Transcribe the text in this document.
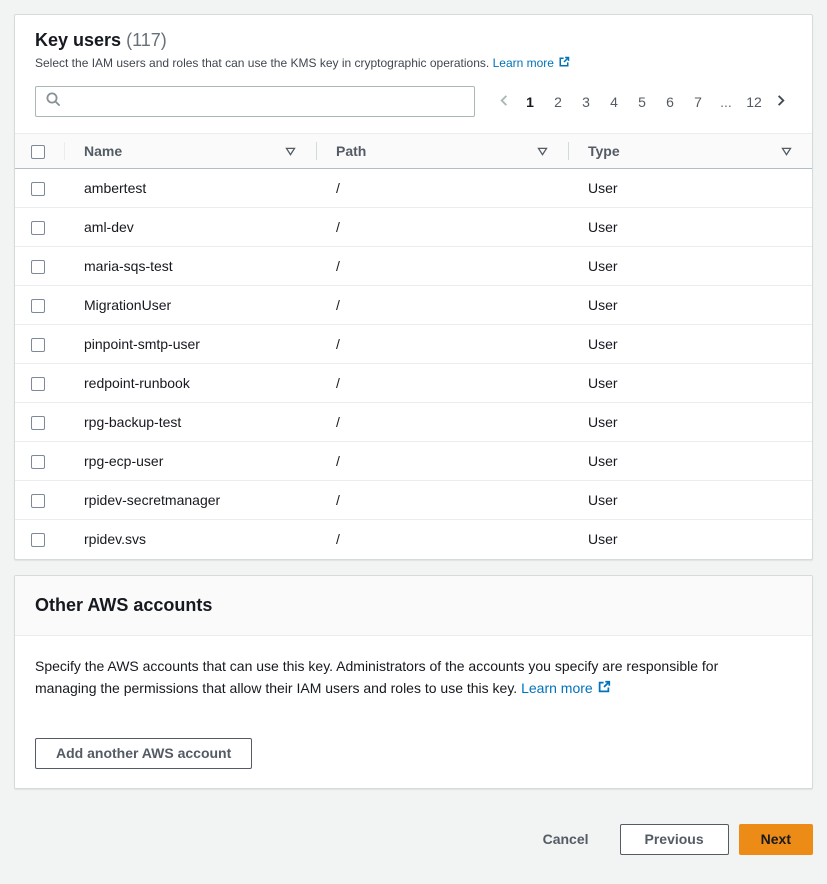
Key users (117)

Select the IAM users and roles that can use the KMS key in cryptographic operations. Learn more

1	2	3	4	5	6	7	...	12

	Name	Path	Type

	ambertest	/	User
	aml-dev	/	User
	maria-sqs-test	/	User
	MigrationUser	/	User
	pinpoint-smtp-user	/	User
	redpoint-runbook	/	User
	rpg-backup-test	/	User
	rpg-ecp-user	/	User
	rpidev-secretmanager	/	User
	rpidev.svs	/	User
Other AWS accounts

Specify the AWS accounts that can use this key. Administrators of the accounts you specify are responsible for managing the permissions that allow their IAM users and roles to use this key. Learn more

Add another AWS account
Cancel	Previous	Next
